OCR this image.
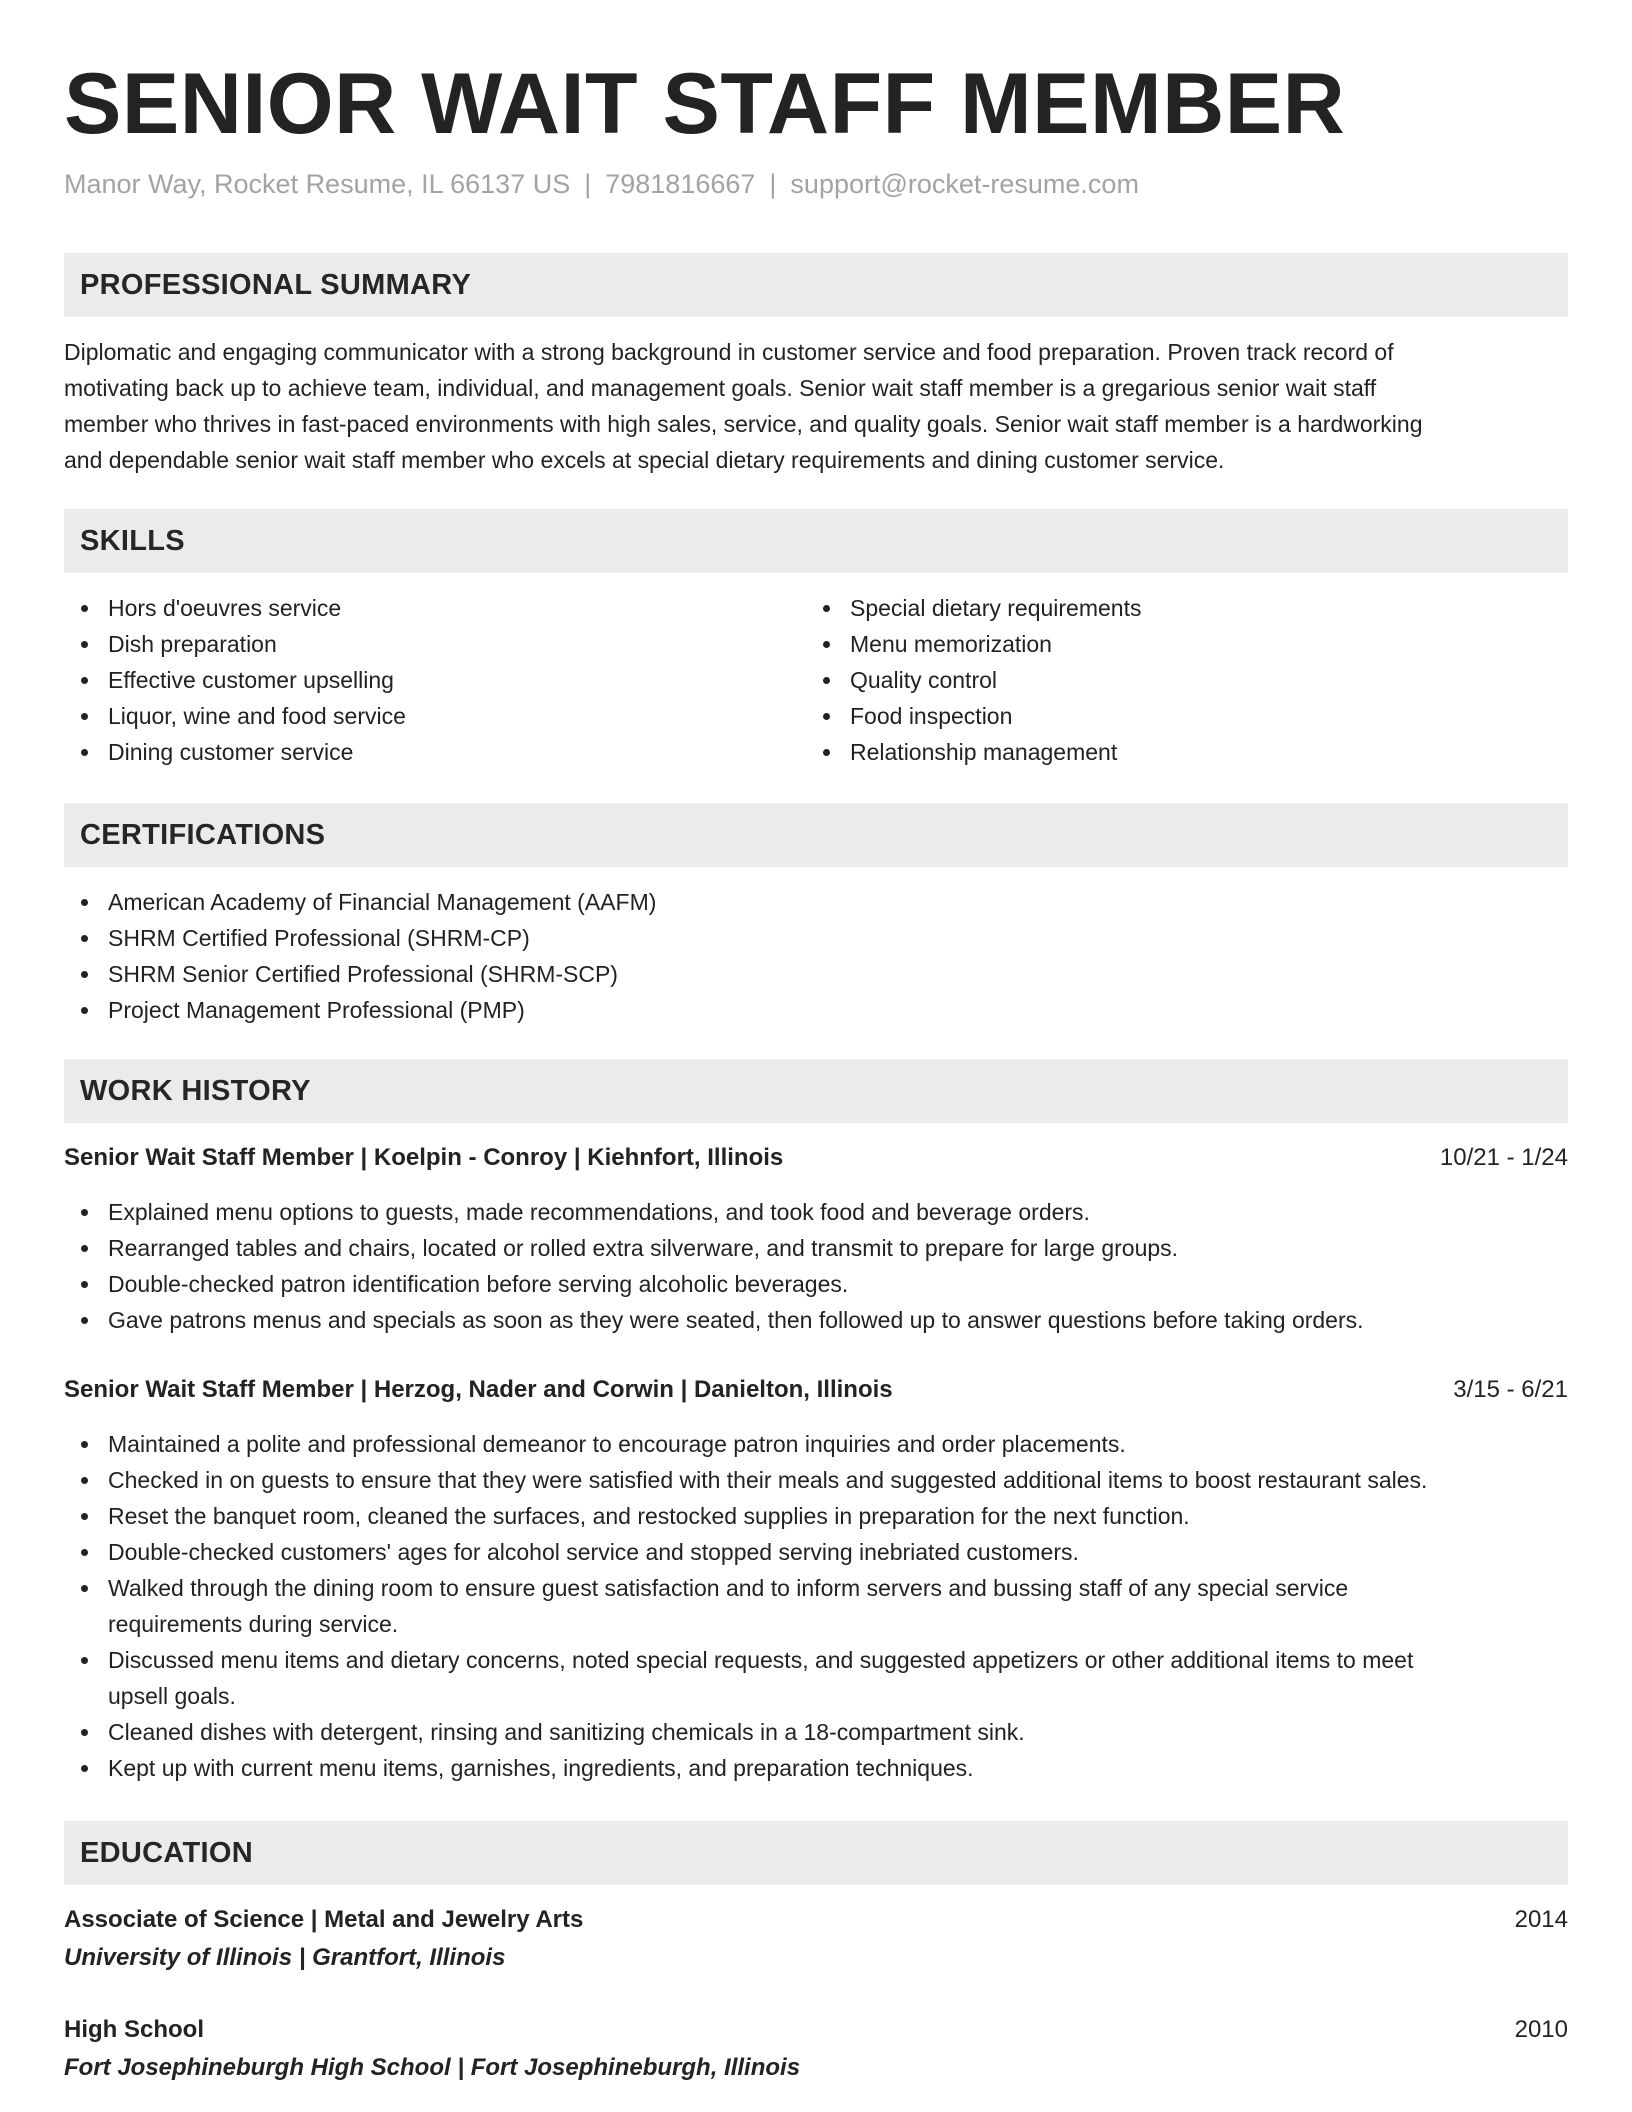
SENIOR WAIT STAFF MEMBER
Manor Way, Rocket Resume, IL 66137 US | 7981816667 | support@rocket-resume.com
PROFESSIONAL SUMMARY
Diplomatic and engaging communicator with a strong background in customer service and food preparation. Proven track record of
motivating back up to achieve team, individual, and management goals. Senior wait staff member is a gregarious senior wait staff
member who thrives in fast-paced environments with high sales, service, and quality goals. Senior wait staff member is a hardworking
and dependable senior wait staff member who excels at special dietary requirements and dining customer service.
SKILLS
Hors d'oeuvres service
Dish preparation
Effective customer upselling
Liquor, wine and food service
Dining customer service
Special dietary requirements
Menu memorization
Quality control
Food inspection
Relationship management
CERTIFICATIONS
American Academy of Financial Management (AAFM)
SHRM Certified Professional (SHRM-CP)
SHRM Senior Certified Professional (SHRM-SCP)
Project Management Professional (PMP)
WORK HISTORY
Senior Wait Staff Member | Koelpin - Conroy | Kiehnfort, Illinois	10/21 - 1/24
Explained menu options to guests, made recommendations, and took food and beverage orders.
Rearranged tables and chairs, located or rolled extra silverware, and transmit to prepare for large groups.
Double-checked patron identification before serving alcoholic beverages.
Gave patrons menus and specials as soon as they were seated, then followed up to answer questions before taking orders.
Senior Wait Staff Member | Herzog, Nader and Corwin | Danielton, Illinois	3/15 - 6/21
Maintained a polite and professional demeanor to encourage patron inquiries and order placements.
Checked in on guests to ensure that they were satisfied with their meals and suggested additional items to boost restaurant sales.
Reset the banquet room, cleaned the surfaces, and restocked supplies in preparation for the next function.
Double-checked customers' ages for alcohol service and stopped serving inebriated customers.
Walked through the dining room to ensure guest satisfaction and to inform servers and bussing staff of any special service
requirements during service.
Discussed menu items and dietary concerns, noted special requests, and suggested appetizers or other additional items to meet
upsell goals.
Cleaned dishes with detergent, rinsing and sanitizing chemicals in a 18-compartment sink.
Kept up with current menu items, garnishes, ingredients, and preparation techniques.
EDUCATION
Associate of Science | Metal and Jewelry Arts	2014
University of Illinois | Grantfort, Illinois
High School	2010
Fort Josephineburgh High School | Fort Josephineburgh, Illinois
